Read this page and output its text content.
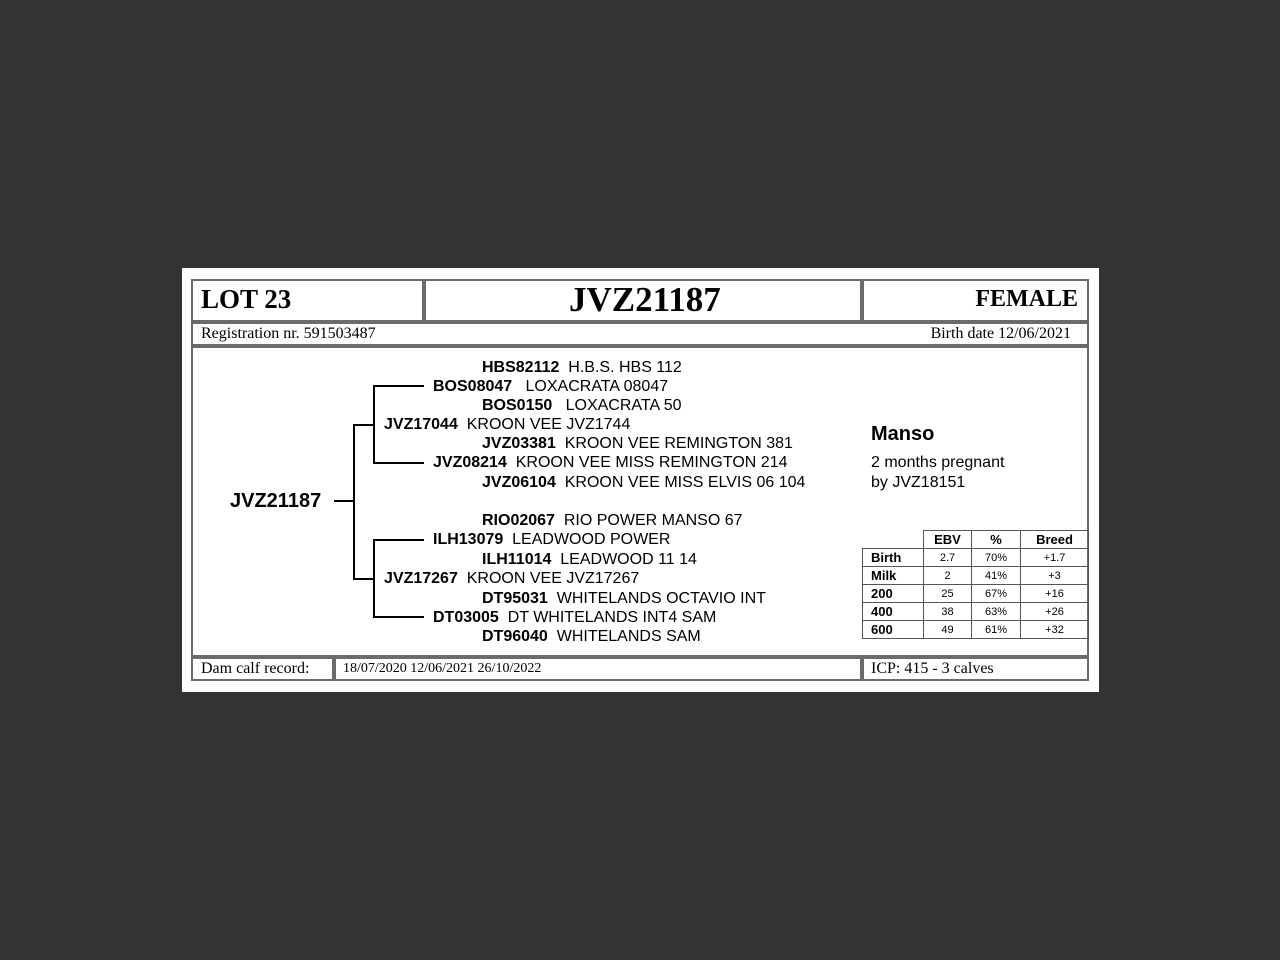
LOT 23	JVZ21187	FEMALE
Registration nr. 591503487	Birth date 12/06/2021
JVZ21187
HBS82112 H.B.S. HBS 112
BOS08047 LOXACRATA 08047
BOS0150 LOXACRATA 50
JVZ17044 KROON VEE JVZ1744
JVZ03381 KROON VEE REMINGTON 381
JVZ08214 KROON VEE MISS REMINGTON 214
JVZ06104 KROON VEE MISS ELVIS 06 104
RIO02067 RIO POWER MANSO 67
ILH13079 LEADWOOD POWER
ILH11014 LEADWOOD 11 14
JVZ17267 KROON VEE JVZ17267
DT95031 WHITELANDS OCTAVIO INT
DT03005 DT WHITELANDS INT4 SAM
DT96040 WHITELANDS SAM
Manso
2 months pregnant
by JVZ18151
	EBV	%	Breed
Birth	2.7	70%	+1.7
Milk	2	41%	+3
200	25	67%	+16
400	38	63%	+26
600	49	61%	+32
Dam calf record: 18/07/2020 12/06/2021 26/10/2022	ICP: 415 - 3 calves
